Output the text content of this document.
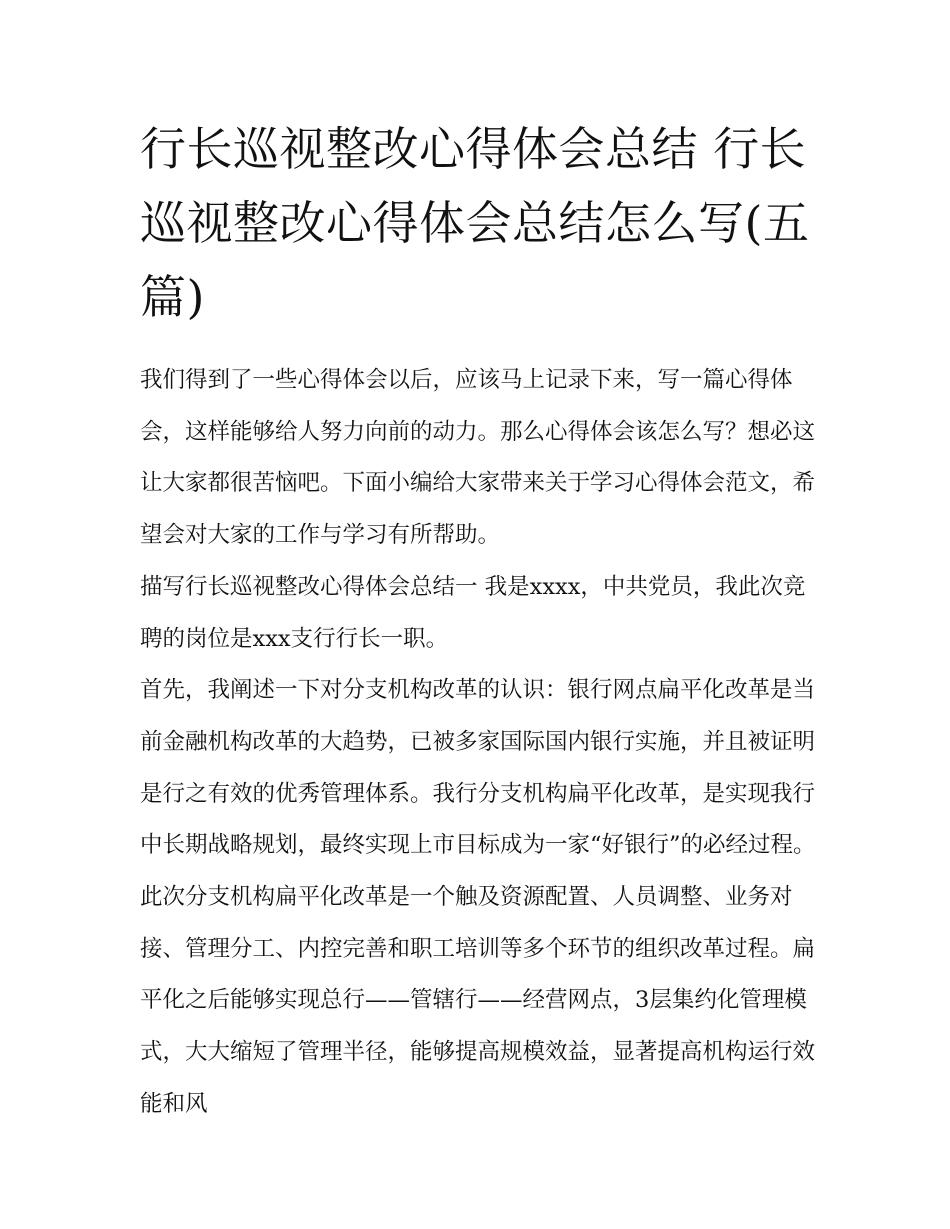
行长巡视整改心得体会总结 行长巡视整改心得体会总结怎么写(五篇)

我们得到了一些心得体会以后，应该马上记录下来，写一篇心得体会，这样能够给人努力向前的动力。那么心得体会该怎么写？想必这让大家都很苦恼吧。下面小编给大家带来关于学习心得体会范文，希望会对大家的工作与学习有所帮助。

描写行长巡视整改心得体会总结一 我是xxxx，中共党员，我此次竞聘的岗位是xxx支行行长一职。

首先，我阐述一下对分支机构改革的认识：银行网点扁平化改革是当前金融机构改革的大趋势，已被多家国际国内银行实施，并且被证明是行之有效的优秀管理体系。我行分支机构扁平化改革，是实现我行中长期战略规划，最终实现上市目标成为一家“好银行”的必经过程。此次分支机构扁平化改革是一个触及资源配置、人员调整、业务对接、管理分工、内控完善和职工培训等多个环节的组织改革过程。扁平化之后能够实现总行——管辖行——经营网点，3层集约化管理模式，大大缩短了管理半径，能够提高规模效益，显著提高机构运行效能和风
